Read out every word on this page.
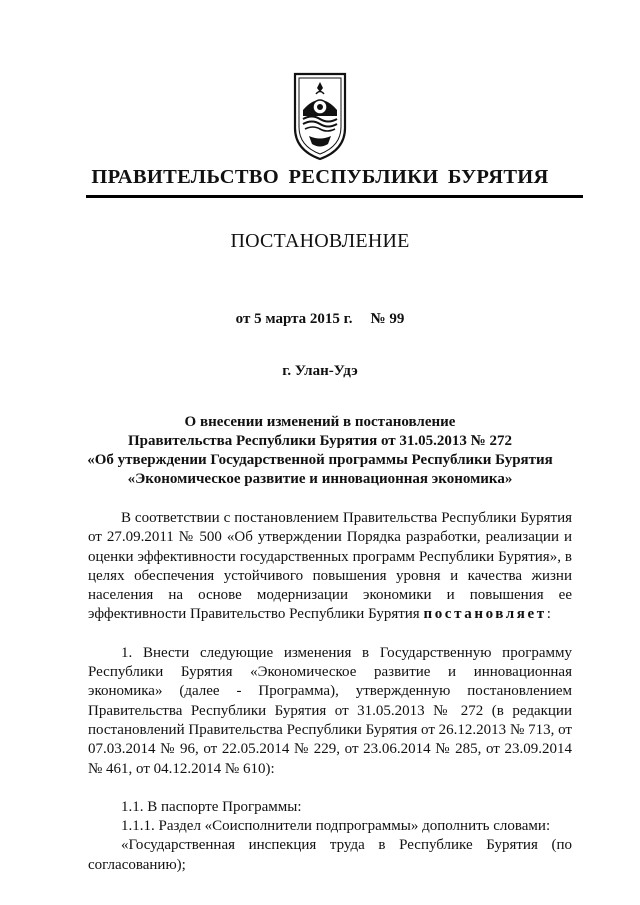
ПРАВИТЕЛЬСТВО РЕСПУБЛИКИ БУРЯТИЯ
ПОСТАНОВЛЕНИЕ
от 5 марта 2015 г. № 99
г. Улан-Удэ
О внесении изменений в постановление
Правительства Республики Бурятия от 31.05.2013 № 272
«Об утверждении Государственной программы Республики Бурятия
«Экономическое развитие и инновационная экономика»

В соответствии с постановлением Правительства Республики Бурятия от 27.09.2011 № 500 «Об утверждении Порядка разработки, реализации и оценки эффективности государственных программ Республики Бурятия», в целях обеспечения устойчивого повышения уровня и качества жизни населения на основе модернизации экономики и повышения ее эффективности Правительство Республики Бурятия постановляет:

1. Внести следующие изменения в Государственную программу Республики Бурятия «Экономическое развитие и инновационная экономика» (далее - Программа), утвержденную постановлением Правительства Республики Бурятия от 31.05.2013 № 272 (в редакции постановлений Правительства Республики Бурятия от 26.12.2013 № 713, от 07.03.2014 № 96, от 22.05.2014 № 229, от 23.06.2014 № 285, от 23.09.2014 № 461, от 04.12.2014 № 610):

1.1. В паспорте Программы:

1.1.1. Раздел «Соисполнители подпрограммы» дополнить словами:

«Государственная инспекция труда в Республике Бурятия (по согласованию);
